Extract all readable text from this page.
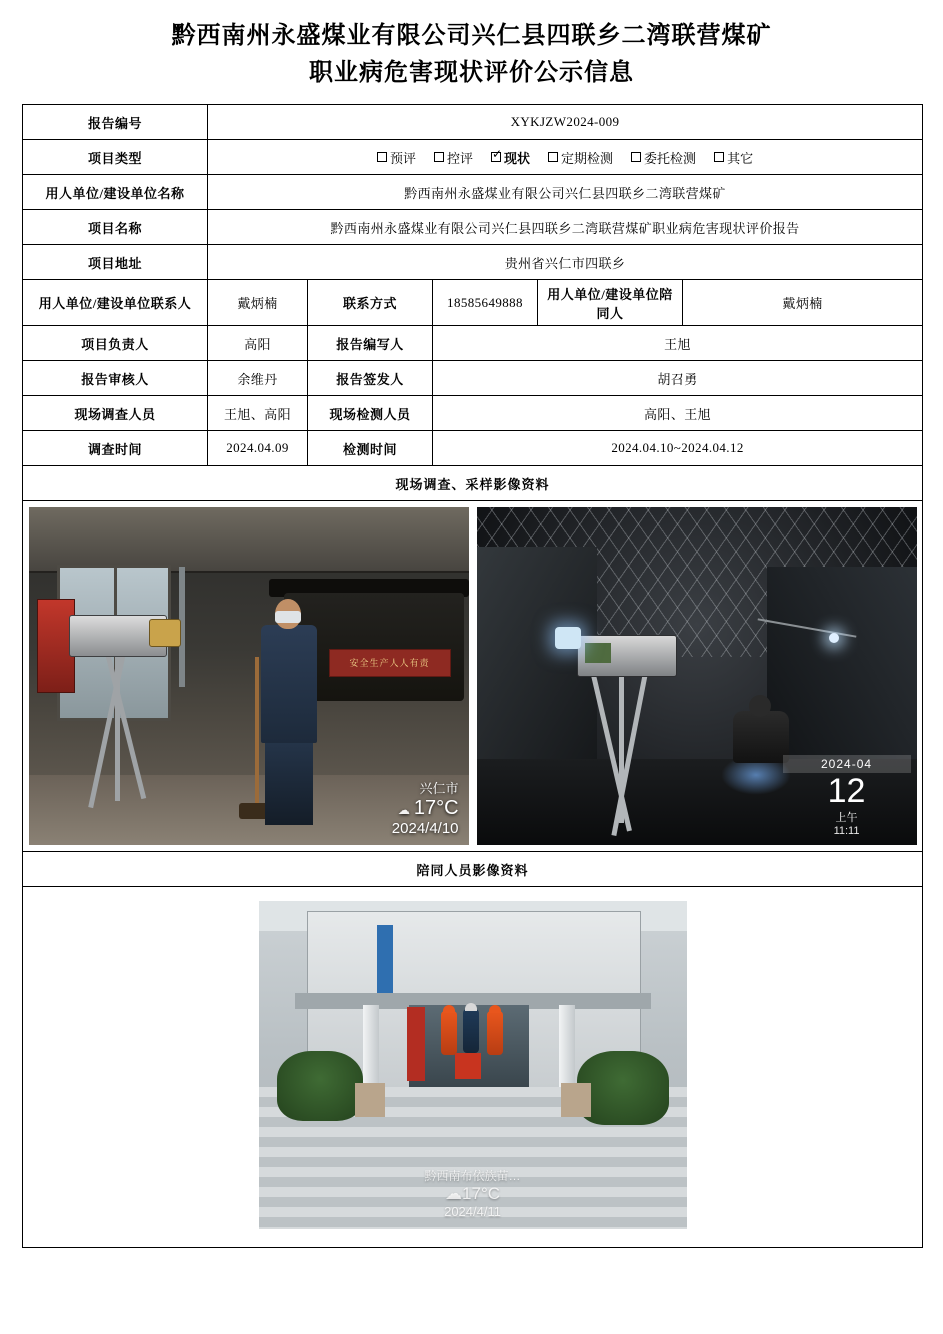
黔西南州永盛煤业有限公司兴仁县四联乡二湾联营煤矿
职业病危害现状评价公示信息
报告编号	XYKJZW2024-009				
项目类型	预评 控评 ✓ 现状 定期检测 委托检测 其它

用人单位/建设单位名称	黔西南州永盛煤业有限公司兴仁县四联乡二湾联营煤矿				
项目名称	黔西南州永盛煤业有限公司兴仁县四联乡二湾联营煤矿职业病危害现状评价报告				
项目地址	贵州省兴仁市四联乡				
用人单位/建设单位联系人	戴炳楠	联系方式	18585649888	用人单位/建设单位陪同人	戴炳楠
项目负责人	高阳	报告编写人	王旭		
报告审核人	余维丹	报告签发人	胡召勇		
现场调查人员	王旭、高阳	现场检测人员	高阳、王旭		
调查时间	2024.04.09	检测时间	2024.04.10~2024.04.12		
现场调查、采样影像资料					

安全生产人人有责
兴仁市
☁ 17°C
2024/4/10
2024-04
12
上午
11:11

陪同人员影像资料					

黔西南布依族苗…
☁17°C
2024/4/11					
